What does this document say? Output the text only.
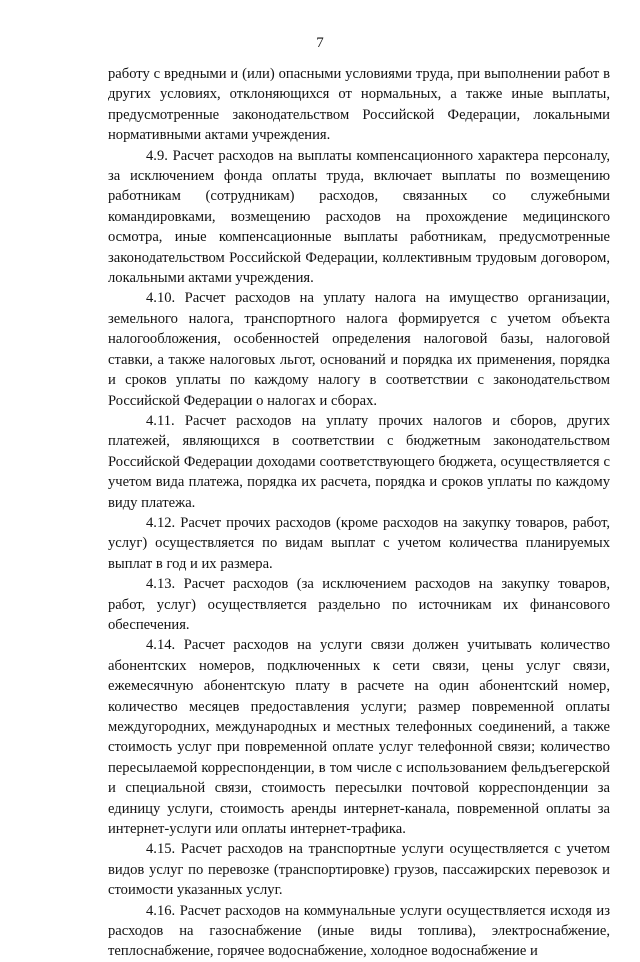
7

работу с вредными и (или) опасными условиями труда, при выполнении работ в других условиях, отклоняющихся от нормальных, а также иные выплаты, предусмотренные законодательством Российской Федерации, локальными нормативными актами учреждения.

4.9. Расчет расходов на выплаты компенсационного характера персоналу, за исключением фонда оплаты труда, включает выплаты по возмещению работникам (сотрудникам) расходов, связанных со служебными командировками, возмещению расходов на прохождение медицинского осмотра, иные компенсационные выплаты работникам, предусмотренные законодательством Российской Федерации, коллективным трудовым договором, локальными актами учреждения.

4.10. Расчет расходов на уплату налога на имущество организации, земельного налога, транспортного налога формируется с учетом объекта налогообложения, особенностей определения налоговой базы, налоговой ставки, а также налоговых льгот, оснований и порядка их применения, порядка и сроков уплаты по каждому налогу в соответствии с законодательством Российской Федерации о налогах и сборах.

4.11. Расчет расходов на уплату прочих налогов и сборов, других платежей, являющихся в соответствии с бюджетным законодательством Российской Федерации доходами соответствующего бюджета, осуществляется с учетом вида платежа, порядка их расчета, порядка и сроков уплаты по каждому виду платежа.

4.12. Расчет прочих расходов (кроме расходов на закупку товаров, работ, услуг) осуществляется по видам выплат с учетом количества планируемых выплат в год и их размера.

4.13. Расчет расходов (за исключением расходов на закупку товаров, работ, услуг) осуществляется раздельно по источникам их финансового обеспечения.

4.14. Расчет расходов на услуги связи должен учитывать количество абонентских номеров, подключенных к сети связи, цены услуг связи, ежемесячную абонентскую плату в расчете на один абонентский номер, количество месяцев предоставления услуги; размер повременной оплаты междугородних, международных и местных телефонных соединений, а также стоимость услуг при повременной оплате услуг телефонной связи; количество пересылаемой корреспонденции, в том числе с использованием фельдъегерской и специальной связи, стоимость пересылки почтовой корреспонденции за единицу услуги, стоимость аренды интернет-канала, повременной оплаты за интернет-услуги или оплаты интернет-трафика.

4.15. Расчет расходов на транспортные услуги осуществляется с учетом видов услуг по перевозке (транспортировке) грузов, пассажирских перевозок и стоимости указанных услуг.

4.16. Расчет расходов на коммунальные услуги осуществляется исходя из расходов на газоснабжение (иные виды топлива), электроснабжение, теплоснабжение, горячее водоснабжение, холодное водоснабжение и
